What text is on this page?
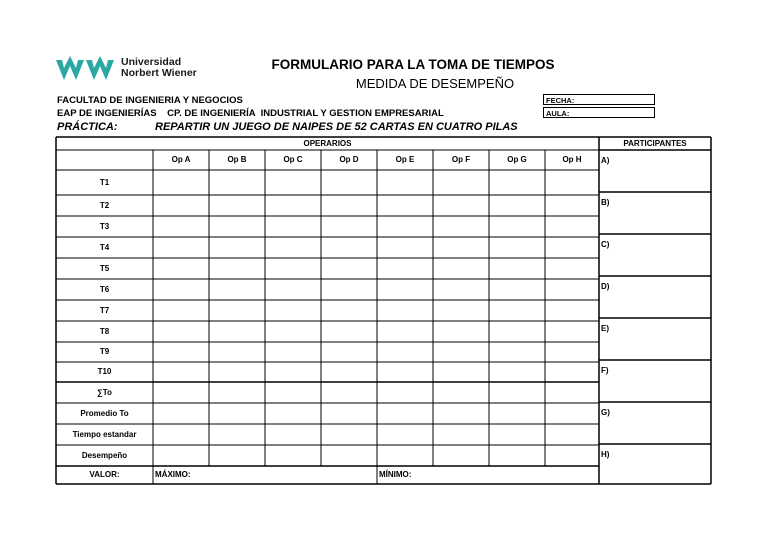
Universidad
Norbert Wiener
FORMULARIO PARA LA TOMA DE TIEMPOS
MEDIDA DE DESEMPEÑO
FACULTAD DE INGENIERIA Y NEGOCIOS
EAP DE INGENIERÍAS    CP. DE INGENIERÍA  INDUSTRIAL Y GESTION EMPRESARIAL
PRÁCTICA:	REPARTIR UN JUEGO DE NAIPES DE 52 CARTAS EN CUATRO PILAS
FECHA:
AULA:
OPERARIOS	PARTICIPANTES
Op A	Op B	Op C	Op D	Op E	Op F	Op G	Op H
T1
T2
T3
T4
T5
T6
T7
T8
T9
T10
∑To
Promedio To
Tiempo estandar
Desempeño
VALOR:	MÁXIMO:	MÍNIMO:
A)
B)
C)
D)
E)
F)
G)
H)
